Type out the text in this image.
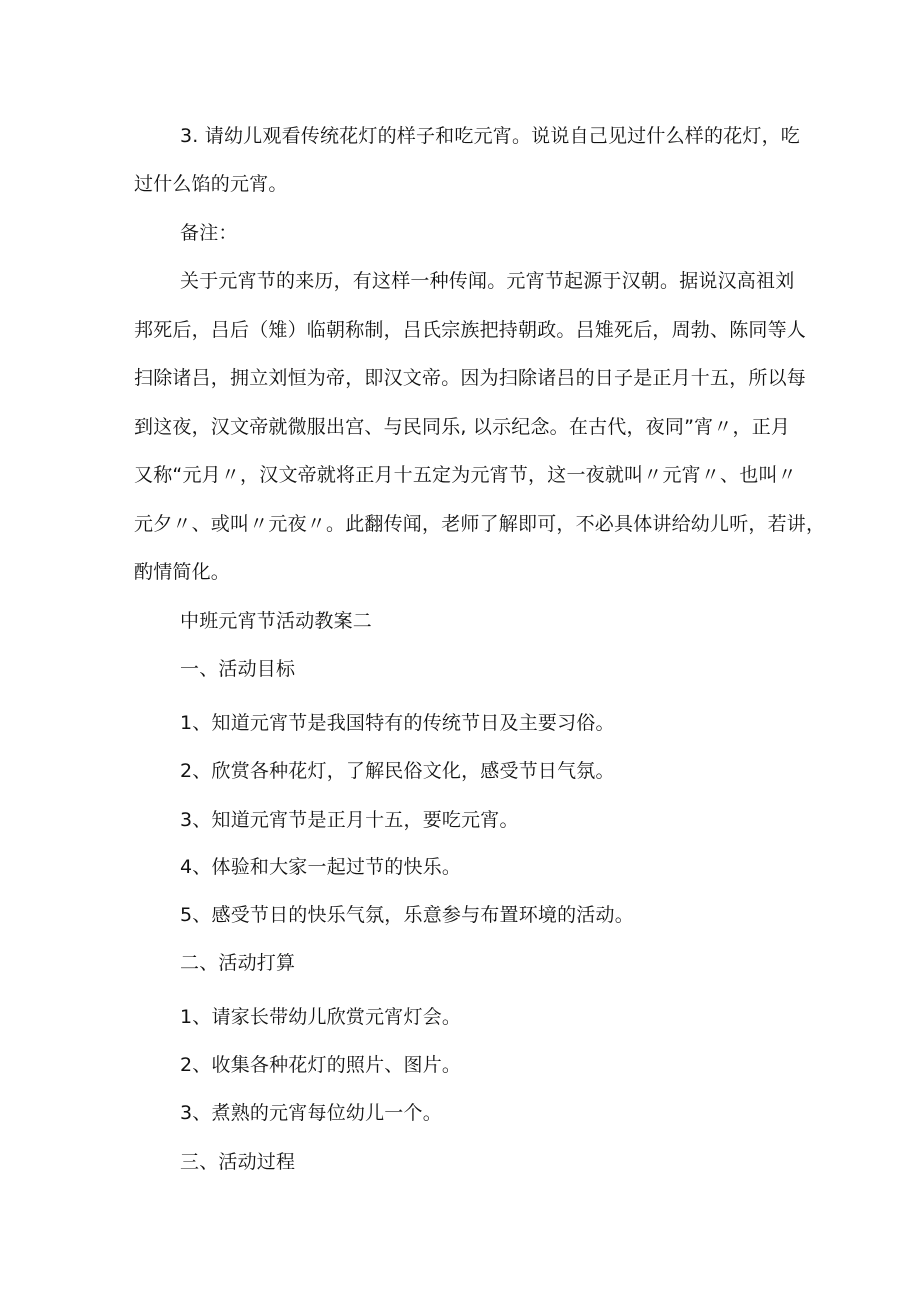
3. 请幼儿观看传统花灯的样子和吃元宵。说说自己见过什么样的花灯，吃
过什么馅的元宵。
备注：
关于元宵节的来历，有这样一种传闻。元宵节起源于汉朝。据说汉高祖刘
邦死后，吕后（雉）临朝称制，吕氏宗族把持朝政。吕雉死后，周勃、陈同等人
扫除诸吕，拥立刘恒为帝，即汉文帝。因为扫除诸吕的日子是正月十五，所以每
到这夜，汉文帝就微服出宫、与民同乐, 以示纪念。在古代，夜同”宵〃，正月
又称“元月〃，汉文帝就将正月十五定为元宵节，这一夜就叫〃元宵〃、也叫〃
元夕〃、或叫〃元夜〃。此翻传闻，老师了解即可，不必具体讲给幼儿听，若讲，
酌情简化。
中班元宵节活动教案二
一、活动目标
1、知道元宵节是我国特有的传统节日及主要习俗。
2、欣赏各种花灯，了解民俗文化，感受节日气氛。
3、知道元宵节是正月十五，要吃元宵。
4、体验和大家一起过节的快乐。
5、感受节日的快乐气氛，乐意参与布置环境的活动。
二、活动打算
1、请家长带幼儿欣赏元宵灯会。
2、收集各种花灯的照片、图片。
3、煮熟的元宵每位幼儿一个。
三、活动过程
